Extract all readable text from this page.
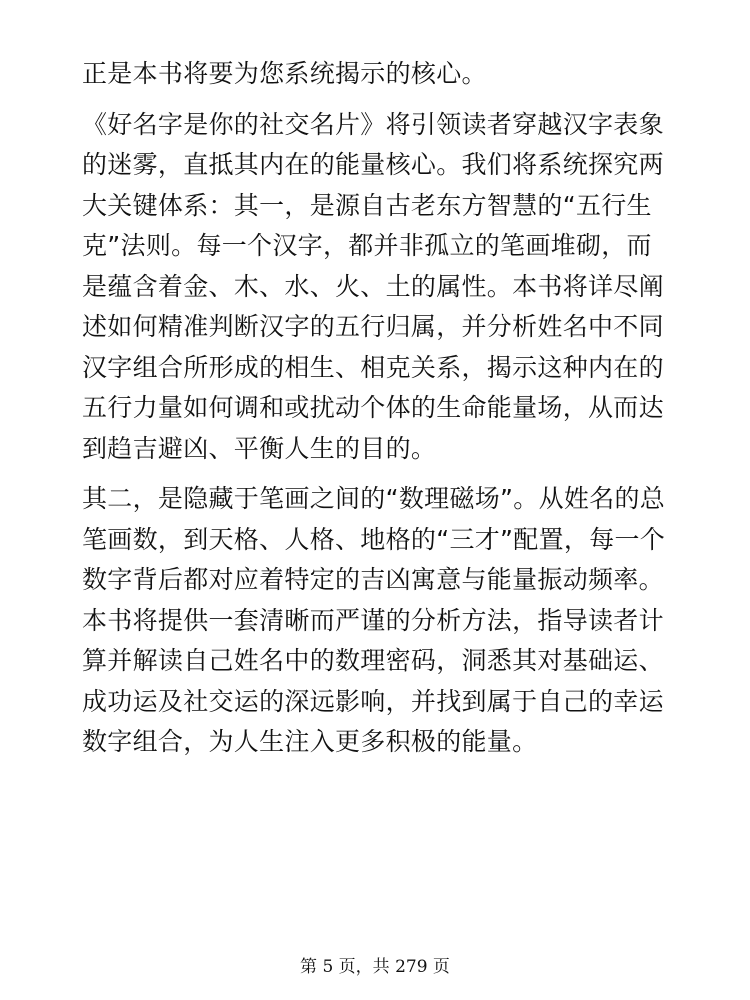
正是本书将要为您系统揭示的核心。

《好名字是你的社交名片》将引领读者穿越汉字表象的迷雾，直抵其内在的能量核心。我们将系统探究两大关键体系：其一，是源自古老东方智慧的“五行生克”法则。每一个汉字，都并非孤立的笔画堆砌，而是蕴含着金、木、水、火、土的属性。本书将详尽阐述如何精准判断汉字的五行归属，并分析姓名中不同汉字组合所形成的相生、相克关系，揭示这种内在的五行力量如何调和或扰动个体的生命能量场，从而达到趋吉避凶、平衡人生的目的。

其二，是隐藏于笔画之间的“数理磁场”。从姓名的总笔画数，到天格、人格、地格的“三才”配置，每一个数字背后都对应着特定的吉凶寓意与能量振动频率。本书将提供一套清晰而严谨的分析方法，指导读者计算并解读自己姓名中的数理密码，洞悉其对基础运、成功运及社交运的深远影响，并找到属于自己的幸运数字组合，为人生注入更多积极的能量。

第 5 页，共 279 页
